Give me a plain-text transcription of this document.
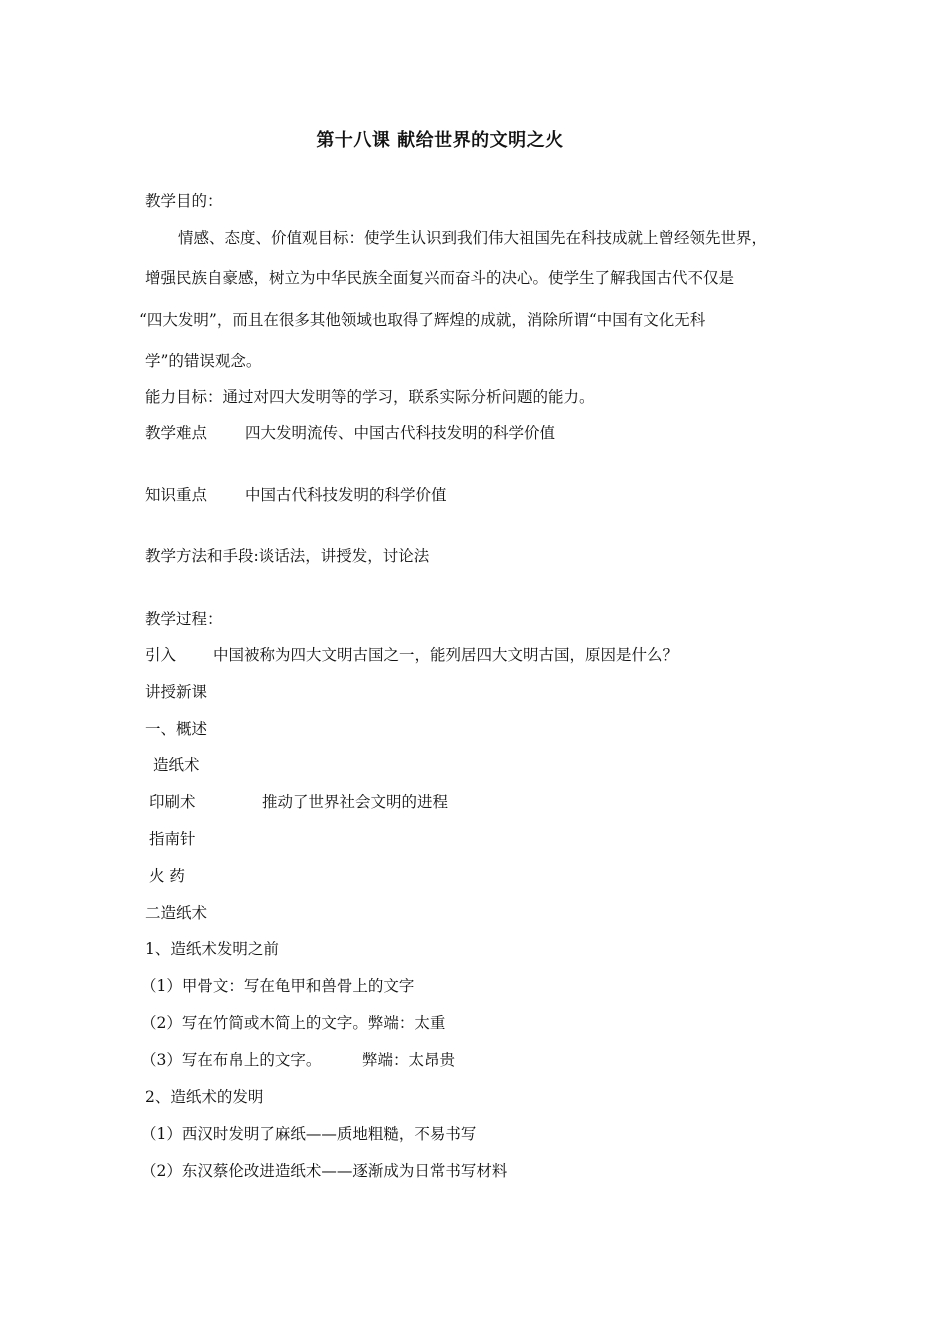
第十八课 献给世界的文明之火
教学目的：
情感、态度、价值观目标：使学生认识到我们伟大祖国先在科技成就上曾经领先世界，
增强民族自豪感，树立为中华民族全面复兴而奋斗的决心。使学生了解我国古代不仅是
“四大发明”，而且在很多其他领域也取得了辉煌的成就，消除所谓“中国有文化无科
学”的错误观念。
能力目标：通过对四大发明等的学习，联系实际分析问题的能力。
教学难点 四大发明流传、中国古代科技发明的科学价值
知识重点 中国古代科技发明的科学价值
教学方法和手段:谈话法，讲授发，讨论法
教学过程：
引入 中国被称为四大文明古国之一，能列居四大文明古国，原因是什么？
讲授新课
一、概述
造纸术
印刷术	推动了世界社会文明的进程
指南针
火 药
二造纸术
1、造纸术发明之前
（1）甲骨文：写在龟甲和兽骨上的文字
（2）写在竹简或木简上的文字。弊端：太重
（3）写在布帛上的文字。	弊端：太昂贵
2、造纸术的发明
（1）西汉时发明了麻纸——质地粗糙，不易书写
（2）东汉蔡伦改进造纸术——逐渐成为日常书写材料
